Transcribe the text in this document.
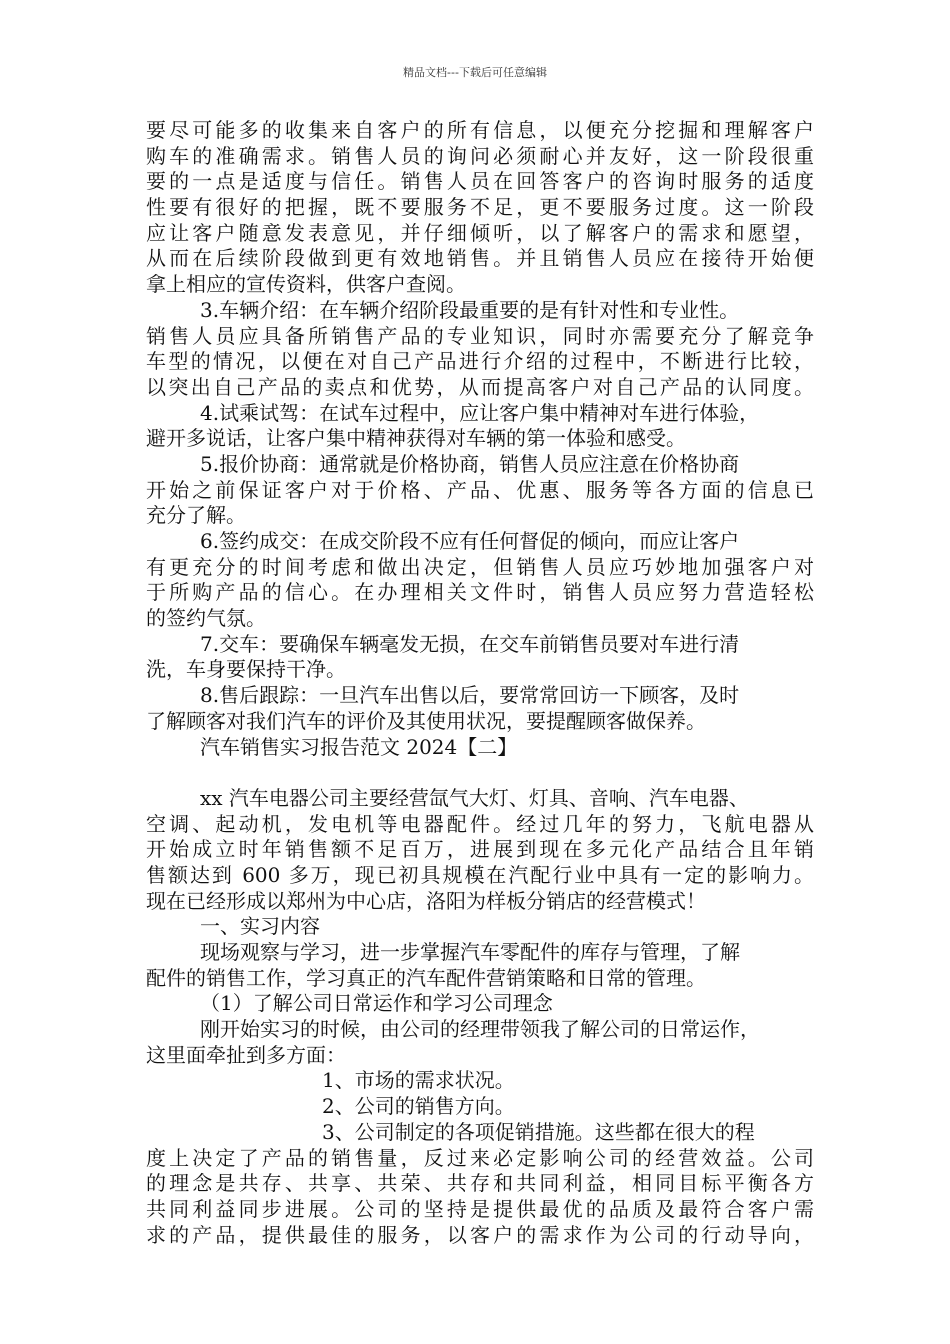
精品文档---下载后可任意编辑
要尽可能多的收集来自客户的所有信息，以便充分挖掘和理解客户
购车的准确需求。销售人员的询问必须耐心并友好，这一阶段很重
要的一点是适度与信任。销售人员在回答客户的咨询时服务的适度
性要有很好的把握，既不要服务不足，更不要服务过度。这一阶段
应让客户随意发表意见，并仔细倾听，以了解客户的需求和愿望，
从而在后续阶段做到更有效地销售。并且销售人员应在接待开始便
拿上相应的宣传资料，供客户查阅。
3.车辆介绍：在车辆介绍阶段最重要的是有针对性和专业性。
销售人员应具备所销售产品的专业知识，同时亦需要充分了解竞争
车型的情况，以便在对自己产品进行介绍的过程中，不断进行比较，
以突出自己产品的卖点和优势，从而提高客户对自己产品的认同度。
4.试乘试驾：在试车过程中，应让客户集中精神对车进行体验，
避开多说话，让客户集中精神获得对车辆的第一体验和感受。
5.报价协商：通常就是价格协商，销售人员应注意在价格协商
开始之前保证客户对于价格、产品、优惠、服务等各方面的信息已
充分了解。
6.签约成交：在成交阶段不应有任何督促的倾向，而应让客户
有更充分的时间考虑和做出决定，但销售人员应巧妙地加强客户对
于所购产品的信心。在办理相关文件时，销售人员应努力营造轻松
的签约气氛。
7.交车：要确保车辆毫发无损，在交车前销售员要对车进行清
洗，车身要保持干净。
8.售后跟踪：一旦汽车出售以后，要常常回访一下顾客，及时
了解顾客对我们汽车的评价及其使用状况，要提醒顾客做保养。
汽车销售实习报告范文 2024【二】
xx 汽车电器公司主要经营氙气大灯、灯具、音响、汽车电器、
空调、起动机，发电机等电器配件。经过几年的努力，飞航电器从
开始成立时年销售额不足百万，进展到现在多元化产品结合且年销
售额达到 600 多万，现已初具规模在汽配行业中具有一定的影响力。
现在已经形成以郑州为中心店，洛阳为样板分销店的经营模式！
一、实习内容
现场观察与学习，进一步掌握汽车零配件的库存与管理，了解
配件的销售工作，学习真正的汽车配件营销策略和日常的管理。
（1）了解公司日常运作和学习公司理念
刚开始实习的时候，由公司的经理带领我了解公司的日常运作，
这里面牵扯到多方面：
1、市场的需求状况。
2、公司的销售方向。
3、公司制定的各项促销措施。这些都在很大的程
度上决定了产品的销售量，反过来必定影响公司的经营效益。公司
的理念是共存、共享、共荣、共存和共同利益，相同目标平衡各方
共同利益同步进展。公司的坚持是提供最优的品质及最符合客户需
求的产品，提供最佳的服务，以客户的需求作为公司的行动导向，
